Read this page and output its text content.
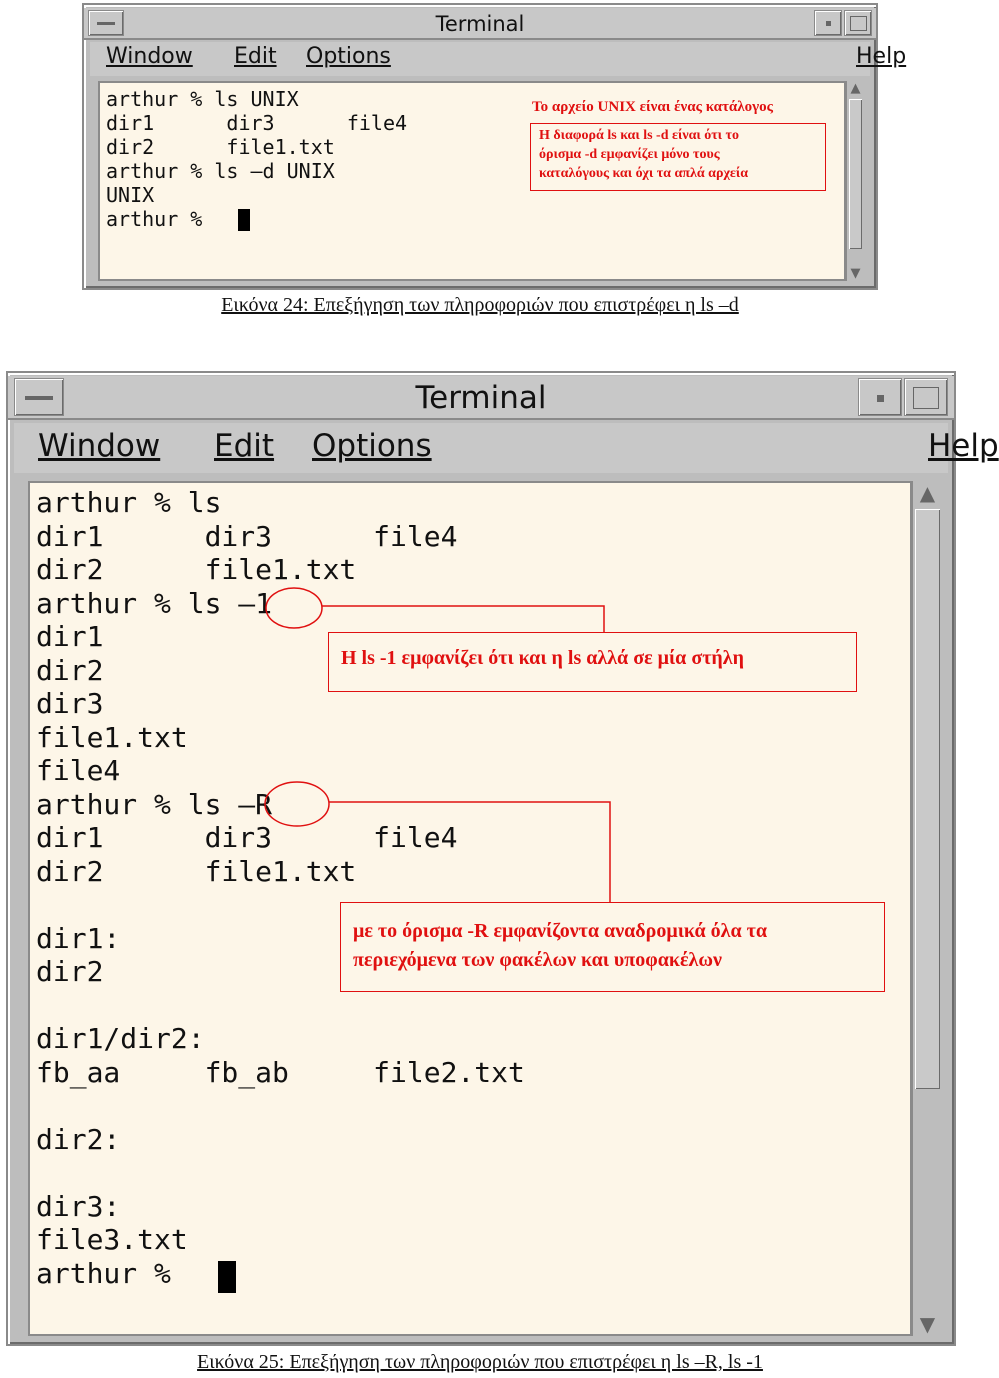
Terminal
Window Edit Options	Help
arthur % ls UNIX
dir1      dir3      file4
dir2      file1.txt
arthur % ls –d UNIX
UNIX
arthur %
Το αρχείο UNIX είναι ένας κατάλογος
Η διαφορά ls και ls -d είναι ότι το
όρισμα -d εμφανίζει μόνο τους
καταλόγους και όχι τα απλά αρχεία
▲
▼
Εικόνα 24: Επεξήγηση των πληροφοριών που επιστρέφει η ls –d
Terminal
Window Edit Options	Help
arthur % ls
dir1      dir3      file4
dir2      file1.txt
arthur % ls –1
dir1
dir2
dir3
file1.txt
file4
arthur % ls –R
dir1      dir3      file4
dir2      file1.txt
dir1:
dir2
dir1/dir2:
fb_aa     fb_ab     file2.txt
dir2:
dir3:
file3.txt
arthur %
▲
▼
Η ls -1 εμφανίζει ότι και η ls αλλά σε μία στήλη
με το όρισμα -R εμφανίζοντα αναδρομικά όλα τα
περιεχόμενα των φακέλων και υποφακέλων
Εικόνα 25: Επεξήγηση των πληροφοριών που επιστρέφει η ls –R, ls -1
